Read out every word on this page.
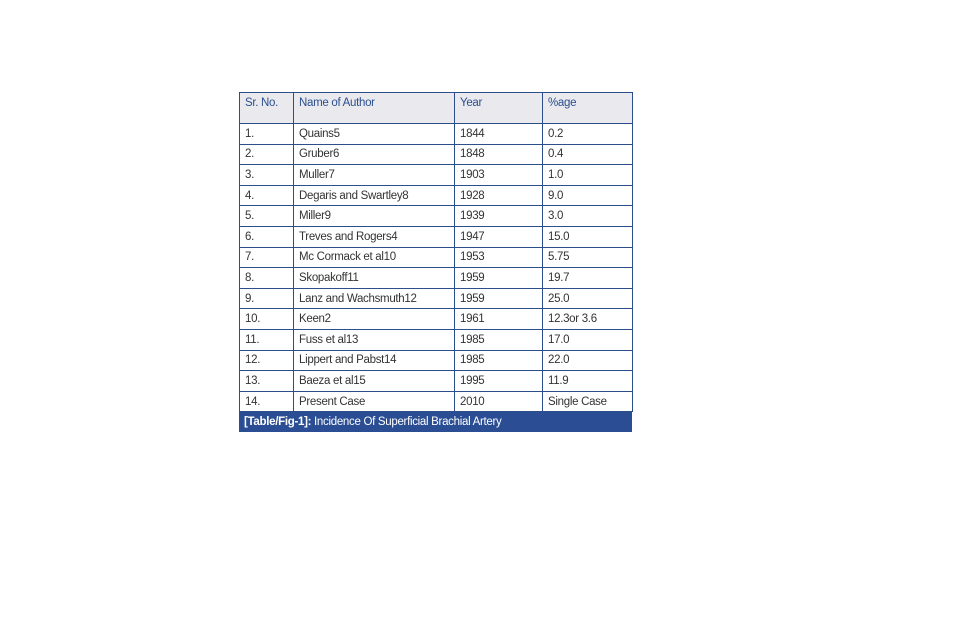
Sr. No.	Name of Author	Year	%age
1.	Quains5	1844	0.2
2.	Gruber6	1848	0.4
3.	Muller7	1903	1.0
4.	Degaris and Swartley8	1928	9.0
5.	Miller9	1939	3.0
6.	Treves and Rogers4	1947	15.0
7.	Mc Cormack et al10	1953	5.75
8.	Skopakoff11	1959	19.7
9.	Lanz and Wachsmuth12	1959	25.0
10.	Keen2	1961	12.3or 3.6
11.	Fuss et al13	1985	17.0
12.	Lippert and Pabst14	1985	22.0
13.	Baeza et al15	1995	11.9
14.	Present Case	2010	Single Case
[Table/Fig-1]: Incidence Of Superficial Brachial Artery
